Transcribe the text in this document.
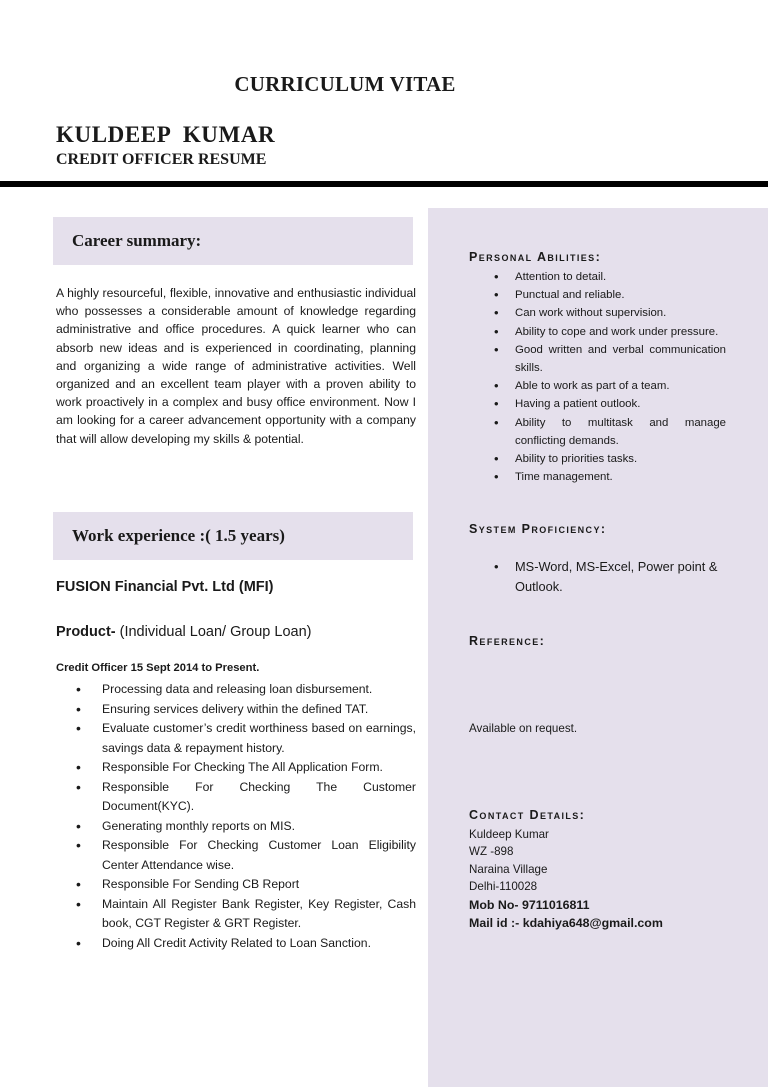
CURRICULUM VITAE
KULDEEP  KUMAR
CREDIT OFFICER RESUME
Career summary:

A highly resourceful, flexible, innovative and enthusiastic individual who possesses a considerable amount of knowledge regarding administrative and office procedures. A quick learner who can absorb new ideas and is experienced in coordinating, planning and organizing a wide range of administrative activities. Well organized and an excellent team player with a proven ability to work proactively in a complex and busy office environment. Now I am looking for a career advancement opportunity with a company that will allow developing my skills & potential.

Work experience :( 1.5 years)

FUSION Financial Pvt. Ltd (MFI)

Product- (Individual Loan/ Group Loan)

Credit Officer 15 Sept 2014 to Present.

• Processing data and releasing loan disbursement.
• Ensuring services delivery within the defined TAT.
• Evaluate customer’s credit worthiness based on earnings, savings data & repayment history.
• Responsible For Checking The All Application Form.
• Responsible For Checking The Customer Document(KYC).
• Generating monthly reports on MIS.
• Responsible For Checking Customer Loan Eligibility Center Attendance wise.
• Responsible For Sending CB Report
• Maintain All Register Bank Register, Key Register, Cash book, CGT Register & GRT Register.
• Doing All Credit Activity Related to Loan Sanction.
Personal Abilities:
• Attention to detail.
• Punctual and reliable.
• Can work without supervision.
• Ability to cope and work under pressure.
• Good written and verbal communication skills.
• Able to work as part of a team.
• Having a patient outlook.
• Ability to multitask and manage conflicting demands.
• Ability to priorities tasks.
• Time management.
System Proficiency:
• MS-Word, MS-Excel, Power point & Outlook.
Reference:

Available on request.

Contact Details:
Kuldeep Kumar
WZ -898
Naraina Village
Delhi-110028
Mob No- 9711016811
Mail id :- kdahiya648@gmail.com
